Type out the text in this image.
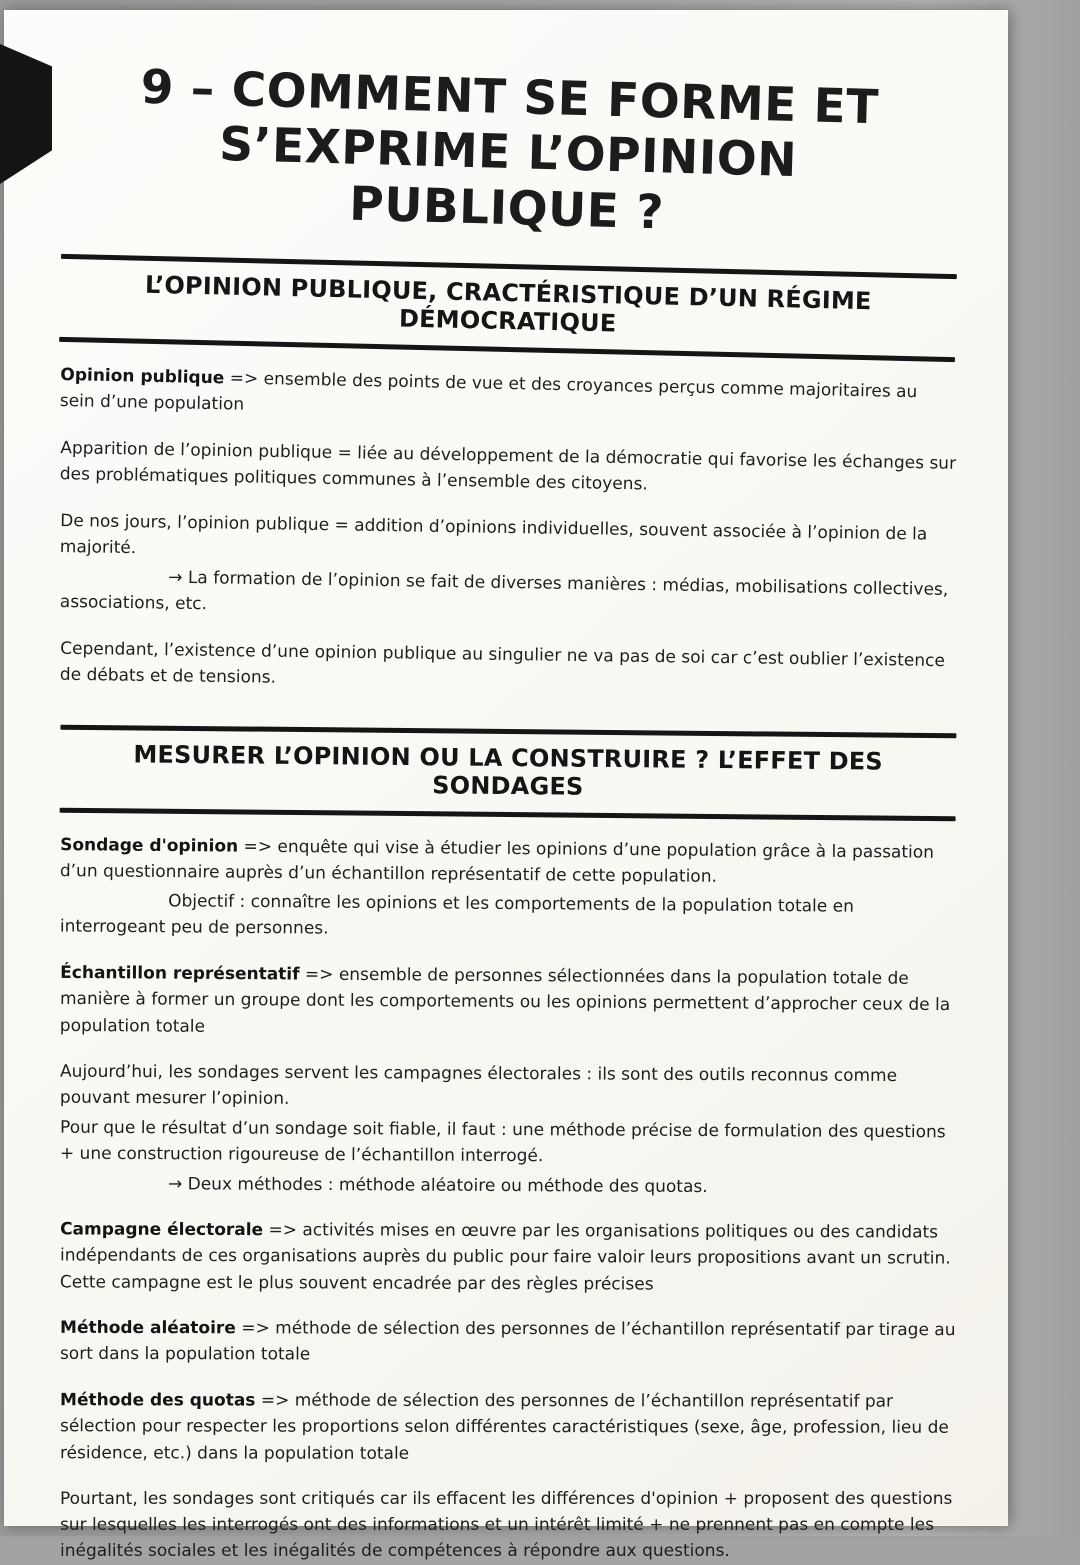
9 – COMMENT SE FORME ET
S’EXPRIME L’OPINION
PUBLIQUE ?
L’OPINION PUBLIQUE, CRACTÉRISTIQUE D’UN RÉGIME DÉMOCRATIQUE

Opinion publique => ensemble des points de vue et des croyances perçus comme majoritaires au sein d’une population

Apparition de l’opinion publique = liée au développement de la démocratie qui favorise les échanges sur des problématiques politiques communes à l’ensemble des citoyens.

De nos jours, l’opinion publique = addition d’opinions individuelles, souvent associée à l’opinion de la majorité.

→ La formation de l’opinion se fait de diverses manières : médias, mobilisations collectives, associations, etc.

Cependant, l’existence d’une opinion publique au singulier ne va pas de soi car c’est oublier l’existence de débats et de tensions.

MESURER L’OPINION OU LA CONSTRUIRE ? L’EFFET DES SONDAGES

Sondage d'opinion => enquête qui vise à étudier les opinions d’une population grâce à la passation d’un questionnaire auprès d’un échantillon représentatif de cette population.

Objectif : connaître les opinions et les comportements de la population totale en interrogeant peu de personnes.

Échantillon représentatif => ensemble de personnes sélectionnées dans la population totale de manière à former un groupe dont les comportements ou les opinions permettent d’approcher ceux de la population totale

Aujourd’hui, les sondages servent les campagnes électorales : ils sont des outils reconnus comme pouvant mesurer l’opinion.

Pour que le résultat d’un sondage soit fiable, il faut : une méthode précise de formulation des questions + une construction rigoureuse de l’échantillon interrogé.

→ Deux méthodes : méthode aléatoire ou méthode des quotas.

Campagne électorale => activités mises en œuvre par les organisations politiques ou des candidats indépendants de ces organisations auprès du public pour faire valoir leurs propositions avant un scrutin. Cette campagne est le plus souvent encadrée par des règles précises

Méthode aléatoire => méthode de sélection des personnes de l’échantillon représentatif par tirage au sort dans la population totale

Méthode des quotas => méthode de sélection des personnes de l’échantillon représentatif par sélection pour respecter les proportions selon différentes caractéristiques (sexe, âge, profession, lieu de résidence, etc.) dans la population totale

Pourtant, les sondages sont critiqués car ils effacent les différences d'opinion + proposent des questions sur lesquelles les interrogés ont des informations et un intérêt limité + ne prennent pas en compte les inégalités sociales et les inégalités de compétences à répondre aux questions.
